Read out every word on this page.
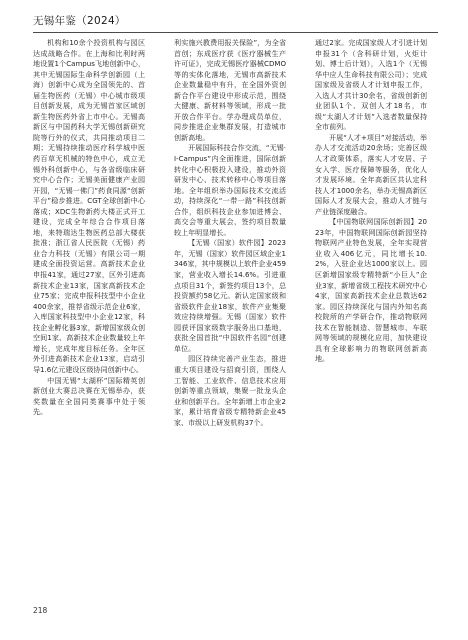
无锡年鉴（2024）

机构和10余个投资机构与园区达成战略合作。在上海和比利时两地设置1个Campus飞地创新中心，其中无锡国际生命科学创新园（上海）创新中心成为全国领先的、首届生物医药（无锡）中心城市级项目创新发展，成为无锡首家区域创新生物医药外省上市中心。无锡高新区与中国药科大学无锡创新研究院等行外的仪式，共同推动项目二期；无锡持续推动医疗科学城中医药百草无机械的特色中心，成立无锡外科创新中心，与各省级临床研究中心合作；无锡美面健康产业园开园，“无锡一佛门”药食同源“创新平台”稳步推进。CGT全球创新中心落成；XDC生物新药大楼正式开工建设，完成全年综合合作项目落地，来特瑞达生物医药总部大楼获批准；浙江省人民医院（无锡）药业合力科技（无锡）有限公司一期建成全面投资运营。高新技术企业申报41家，通过27家，区外引进高新技术企业13家，国家高新技术企业75家；完成申报科技型中小企业400余家，推荐省级示范企业6家，入库国家科技型中小企业12家，科技企业孵化器3家，新增国家级众创空间1家、高新技术企业数量较上年增长，完成年度目标任务。全年区外引进高新技术企业13家，启动引导1.6亿元建设区级协同创新中心。

中国无锡“太湖杯”国际精英创新创业大赛总决赛在无锡举办，获奖数量在全国同类赛事中处于领先。

利实施兴教费用报关保险”，为全省首创；东成医疗获《医疗器械生产许可证》，完成无锡医疗器械CDMO等的实体化落地，无锡市高新技术企业数量稳中有升，在全国外资创新合作平台建设中形成示范，围绕大健康、新材料等领域，形成一批开放合作平台。学办理成员单位，同步推进企业集群发展，打造城市创新高地。

开展国际科技合作交流，“无锡·I-Campus”内全面推进，国际创新转化中心积极投入建设，推动外资研发中心、技术转移中心等项目落地。全年组织举办国际技术交流活动，持续深化“一带一路”科技创新合作，组织科技企业参加进博会、高交会等重大展会，签约项目数量较上年明显增长。

【无锡（国家）软件园】2023年，无锡（国家）软件园区域企业1346家，其中规模以上软件企业459家，营业收入增长14.6%。引进重点项目31个，新签约项目13个，总投资额约58亿元。新认定国家级和省级软件企业18家，软件产业集聚效应持续增强。无锡（国家）软件园获评国家级数字服务出口基地，获批全国首批“中国软件名园”创建单位。

园区持续完善产业生态，推进重大项目建设与招商引资，围绕人工智能、工业软件、信息技术应用创新等重点领域，集聚一批龙头企业和创新平台。全年新增上市企业2家，累计培育省级专精特新企业45家、市级以上研发机构37个。

通过2家。完成国家级人才引进计划申报31个（含科研计划，火炬计划、博士后计划），入选1个（无锡华中应人生命科技有限公司）；完成国家级及省级人才计划申报工作，入选人才共计30余名，省级创新创业团队1个、双创人才18名，市级“太湖人才计划”入选者数量保持全市前列。

开展“人才+项目”对接活动，举办人才交流活动20余场；完善区级人才政策体系，落实人才安居、子女入学、医疗保障等服务，优化人才发展环境。全年高新区共认定科技人才1000余名，举办无锡高新区国际人才发展大会，推动人才链与产业链深度融合。

【中国物联网国际创新园】2023年，中国物联网国际创新园坚持物联网产业特色发展，全年实现营业收入406亿元，同比增长10.2%，入驻企业达1000家以上。园区新增国家级专精特新“小巨人”企业3家，新增省级工程技术研究中心4家，国家高新技术企业总数达62家。园区持续深化与国内外知名高校院所的产学研合作，推动物联网技术在智能制造、智慧城市、车联网等领域的规模化应用，加快建设具有全球影响力的物联网创新高地。

218
